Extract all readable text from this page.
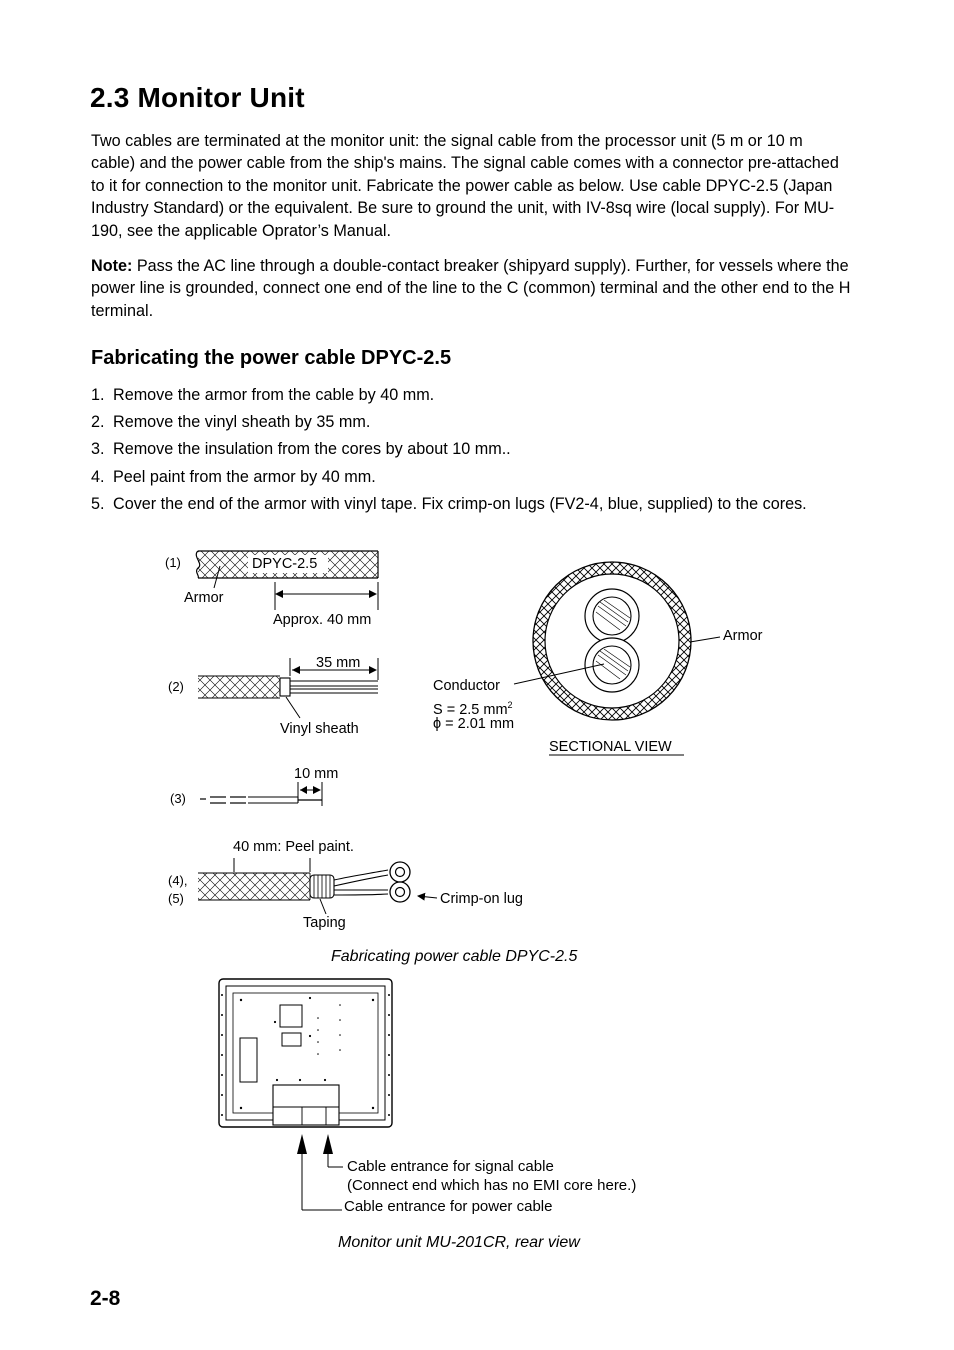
2.3 Monitor Unit

Two cables are terminated at the monitor unit: the signal cable from the processor unit (5 m or 10 m cable) and the power cable from the ship's mains. The signal cable comes with a connector pre-attached to it for connection to the monitor unit. Fabricate the power cable as below. Use cable DPYC-2.5 (Japan Industry Standard) or the equivalent. Be sure to ground the unit, with IV-8sq wire (local supply). For MU-190, see the applicable Oprator’s Manual.

Note: Pass the AC line through a double-contact breaker (shipyard supply). Further, for vessels where the power line is grounded, connect one end of the line to the C (common) terminal and the other end to the H terminal.

Fabricating the power cable DPYC-2.5
1. Remove the armor from the cable by 40 mm.
2. Remove the vinyl sheath by 35 mm.
3. Remove the insulation from the cores by about 10 mm..
4. Peel paint from the armor by 40 mm.
5. Cover the end of the armor with vinyl tape. Fix crimp-on lugs (FV2-4, blue, supplied) to the cores.
(1)	DPYC-2.5
Armor
Approx. 40 mm
(2)
35 mm
Vinyl sheath
(3)
10 mm
40 mm: Peel paint.
(4),
(5)
Taping
Crimp-on lug
Conductor
S = 2.5 $mm^2$
ϕ = 2.01 mm
Armor
SECTIONAL VIEW
Fabricating power cable DPYC-2.5
Cable entrance for signal cable
(Connect end which has no EMI core here.)
Cable entrance for power cable
Monitor unit MU-201CR, rear view
2-8
